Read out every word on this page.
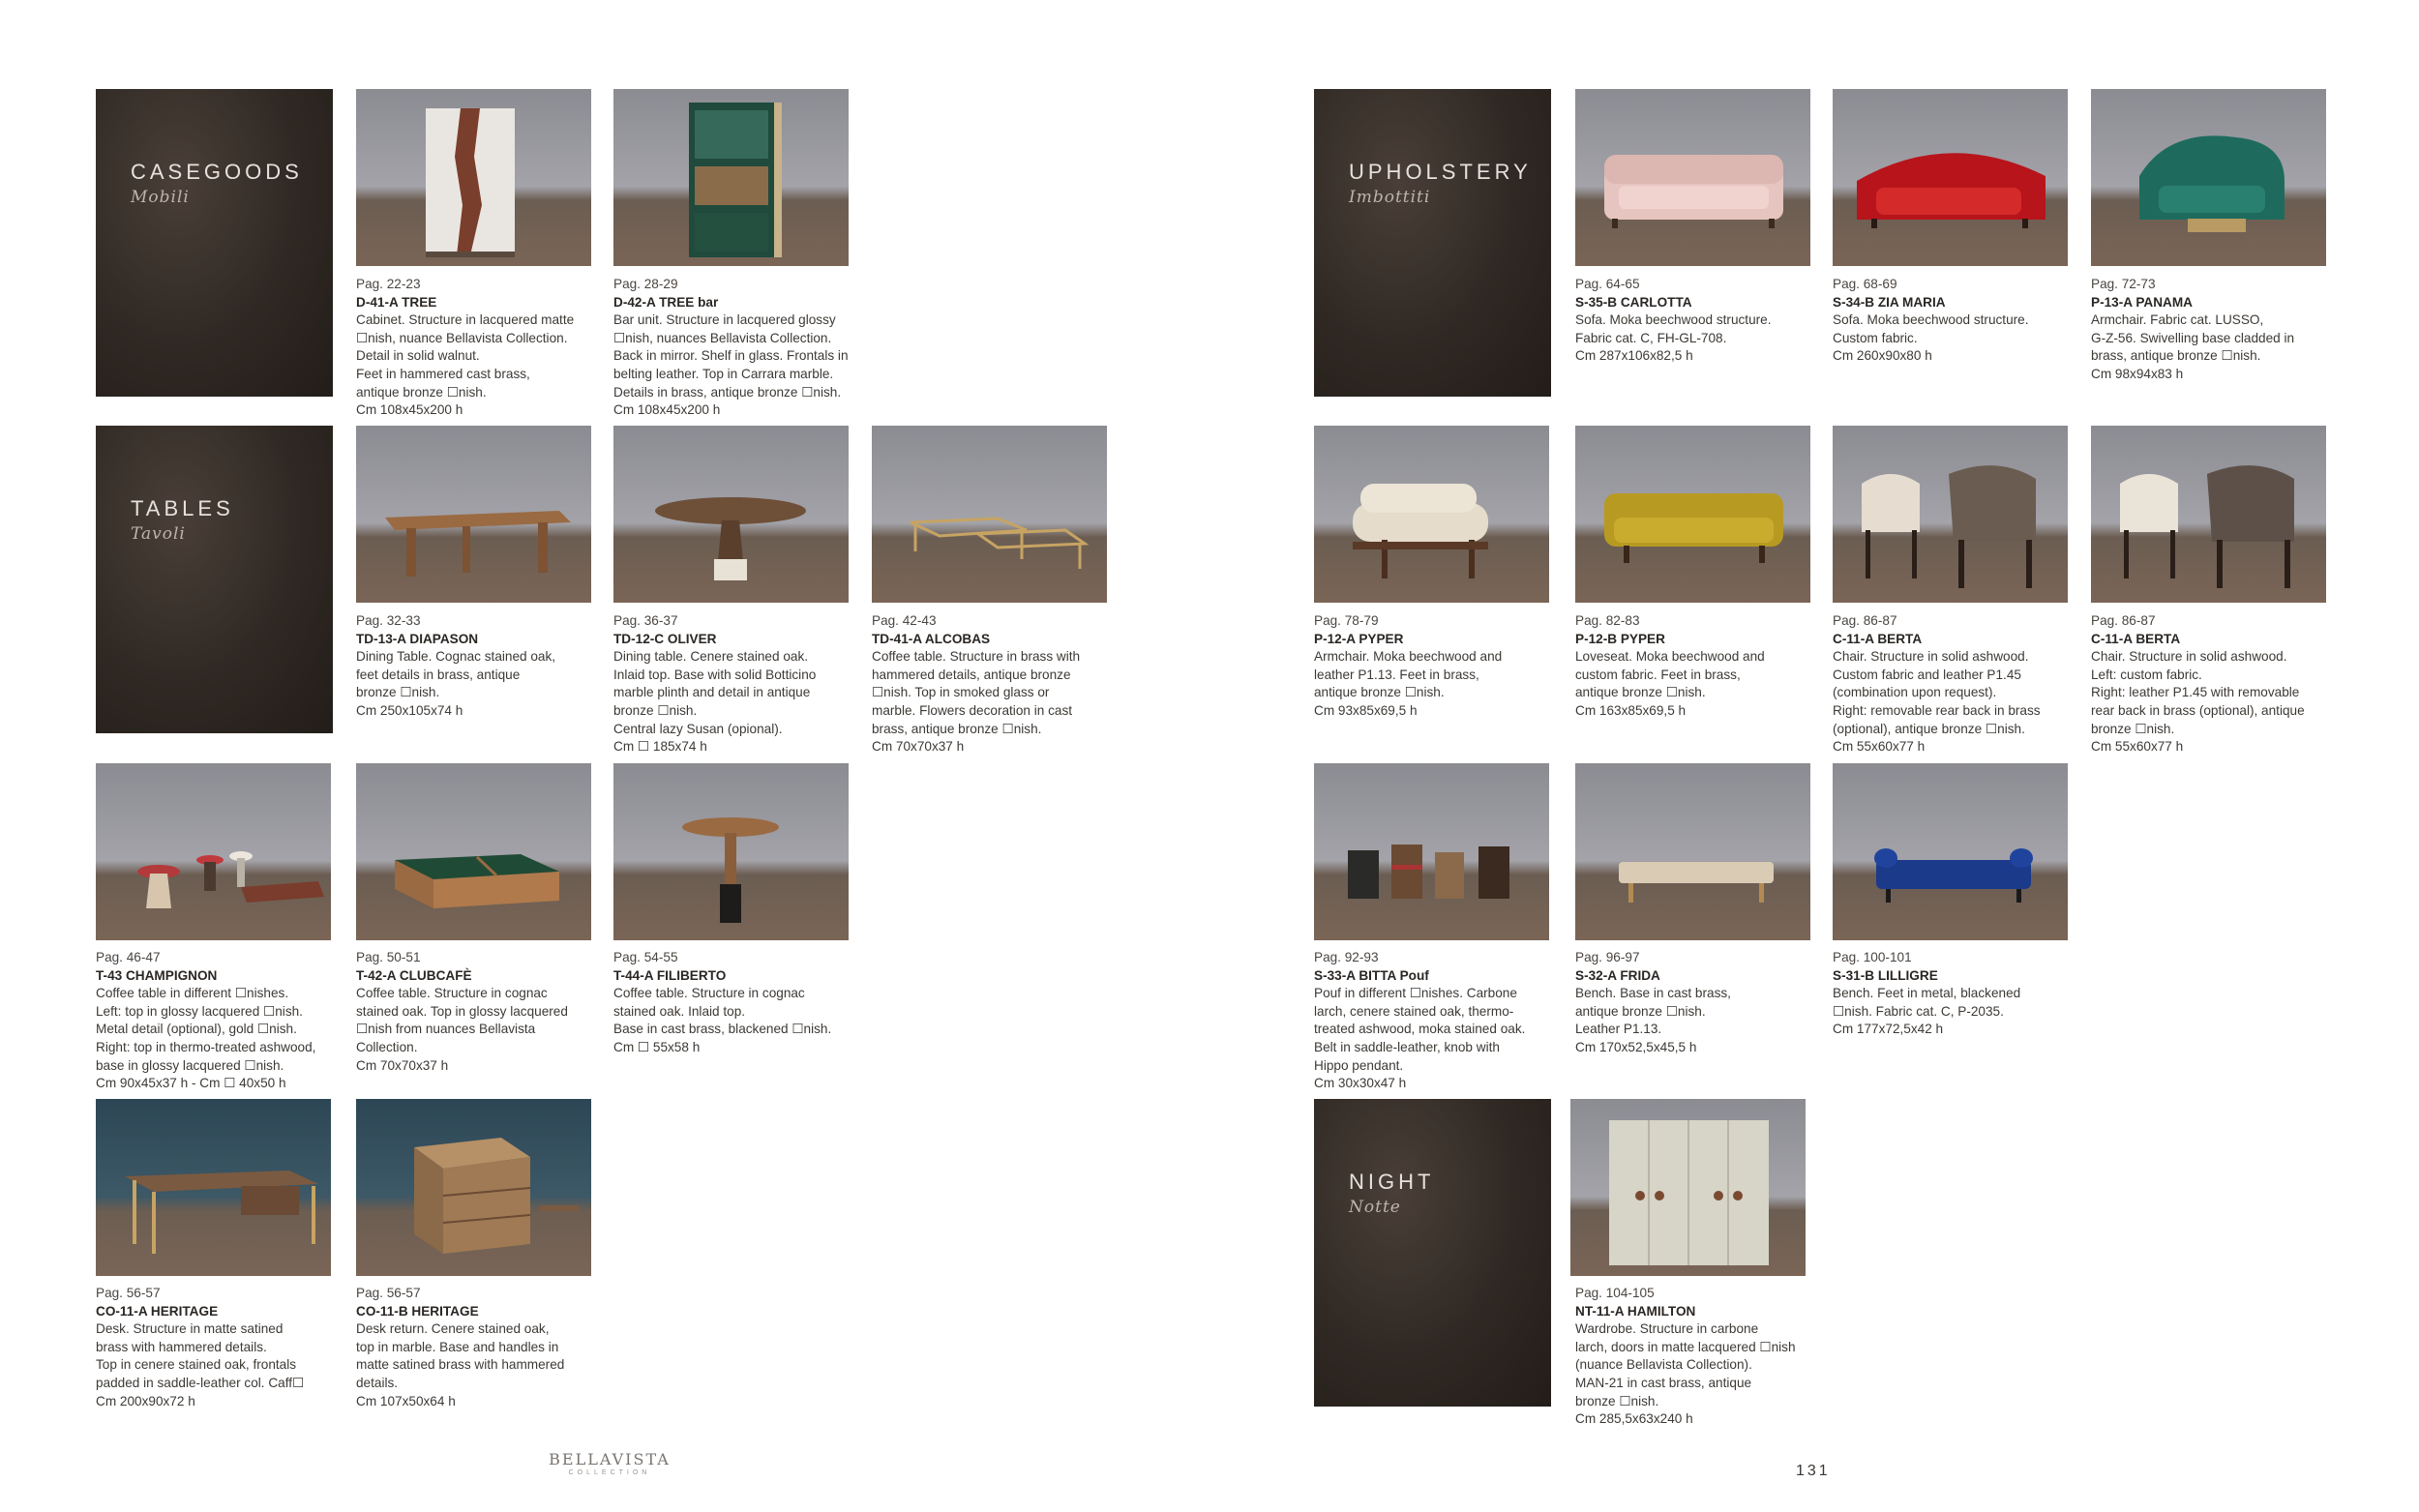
CASEGOODS
Mobili
Pag. 22-23
D-41-A TREE
Cabinet. Structure in lacquered matte
☐nish, nuance Bellavista Collection.
Detail in solid walnut.
Feet in hammered cast brass,
antique bronze ☐nish.
Cm 108x45x200 h
Pag. 28-29
D-42-A TREE bar
Bar unit. Structure in lacquered glossy
☐nish, nuances Bellavista Collection.
Back in mirror. Shelf in glass. Frontals in
belting leather. Top in Carrara marble.
Details in brass, antique bronze ☐nish.
Cm 108x45x200 h
TABLES
Tavoli
Pag. 32-33
TD-13-A DIAPASON
Dining Table. Cognac stained oak,
feet details in brass, antique
bronze ☐nish.
Cm 250x105x74 h
Pag. 36-37
TD-12-C OLIVER
Dining table. Cenere stained oak.
Inlaid top. Base with solid Botticino
marble plinth and detail in antique
bronze ☐nish.
Central lazy Susan (opional).
Cm ☐ 185x74 h
Pag. 42-43
TD-41-A ALCOBAS
Coffee table. Structure in brass with
hammered details, antique bronze
☐nish. Top in smoked glass or
marble. Flowers decoration in cast
brass, antique bronze ☐nish.
Cm 70x70x37 h
Pag. 46-47
T-43 CHAMPIGNON
Coffee table in different ☐nishes.
Left: top in glossy lacquered ☐nish.
Metal detail (optional), gold ☐nish.
Right: top in thermo-treated ashwood,
base in glossy lacquered ☐nish.
Cm 90x45x37 h - Cm ☐ 40x50 h
Pag. 50-51
T-42-A CLUBCAFÈ
Coffee table. Structure in cognac
stained oak. Top in glossy lacquered
☐nish from nuances Bellavista
Collection.
Cm 70x70x37 h
Pag. 54-55
T-44-A FILIBERTO
Coffee table. Structure in cognac
stained oak. Inlaid top.
Base in cast brass, blackened ☐nish.
Cm ☐ 55x58 h
Pag. 56-57
CO-11-A HERITAGE
Desk. Structure in matte satined
brass with hammered details.
Top in cenere stained oak, frontals
padded in saddle-leather col. Caff☐
Cm 200x90x72 h
Pag. 56-57
CO-11-B HERITAGE
Desk return. Cenere stained oak,
top in marble. Base and handles in
matte satined brass with hammered
details.
Cm 107x50x64 h
BELLAVISTA
COLLECTION
UPHOLSTERY
Imbottiti
Pag. 64-65
S-35-B CARLOTTA
Sofa. Moka beechwood structure.
Fabric cat. C, FH-GL-708.
Cm 287x106x82,5 h
Pag. 68-69
S-34-B ZIA MARIA
Sofa. Moka beechwood structure.
Custom fabric.
Cm 260x90x80 h
Pag. 72-73
P-13-A PANAMA
Armchair. Fabric cat. LUSSO,
G-Z-56. Swivelling base cladded in
brass, antique bronze ☐nish.
Cm 98x94x83 h
Pag. 78-79
P-12-A PYPER
Armchair. Moka beechwood and
leather P1.13. Feet in brass,
antique bronze ☐nish.
Cm 93x85x69,5 h
Pag. 82-83
P-12-B PYPER
Loveseat. Moka beechwood and
custom fabric. Feet in brass,
antique bronze ☐nish.
Cm 163x85x69,5 h
Pag. 86-87
C-11-A BERTA
Chair. Structure in solid ashwood.
Custom fabric and leather P1.45
(combination upon request).
Right: removable rear back in brass
(optional), antique bronze ☐nish.
Cm 55x60x77 h
Pag. 86-87
C-11-A BERTA
Chair. Structure in solid ashwood.
Left: custom fabric.
Right: leather P1.45 with removable
rear back in brass (optional), antique
bronze ☐nish.
Cm 55x60x77 h
Pag. 92-93
S-33-A BITTA Pouf
Pouf in different ☐nishes. Carbone
larch, cenere stained oak, thermo-
treated ashwood, moka stained oak.
Belt in saddle-leather, knob with
Hippo pendant.
Cm 30x30x47 h
Pag. 96-97
S-32-A FRIDA
Bench. Base in cast brass,
antique bronze ☐nish.
Leather P1.13.
Cm 170x52,5x45,5 h
Pag. 100-101
S-31-B LILLIGRE
Bench. Feet in metal, blackened
☐nish. Fabric cat. C, P-2035.
Cm 177x72,5x42 h
NIGHT
Notte
Pag. 104-105
NT-11-A HAMILTON
Wardrobe. Structure in carbone
larch, doors in matte lacquered ☐nish
(nuance Bellavista Collection).
MAN-21 in cast brass, antique
bronze ☐nish.
Cm 285,5x63x240 h
131
